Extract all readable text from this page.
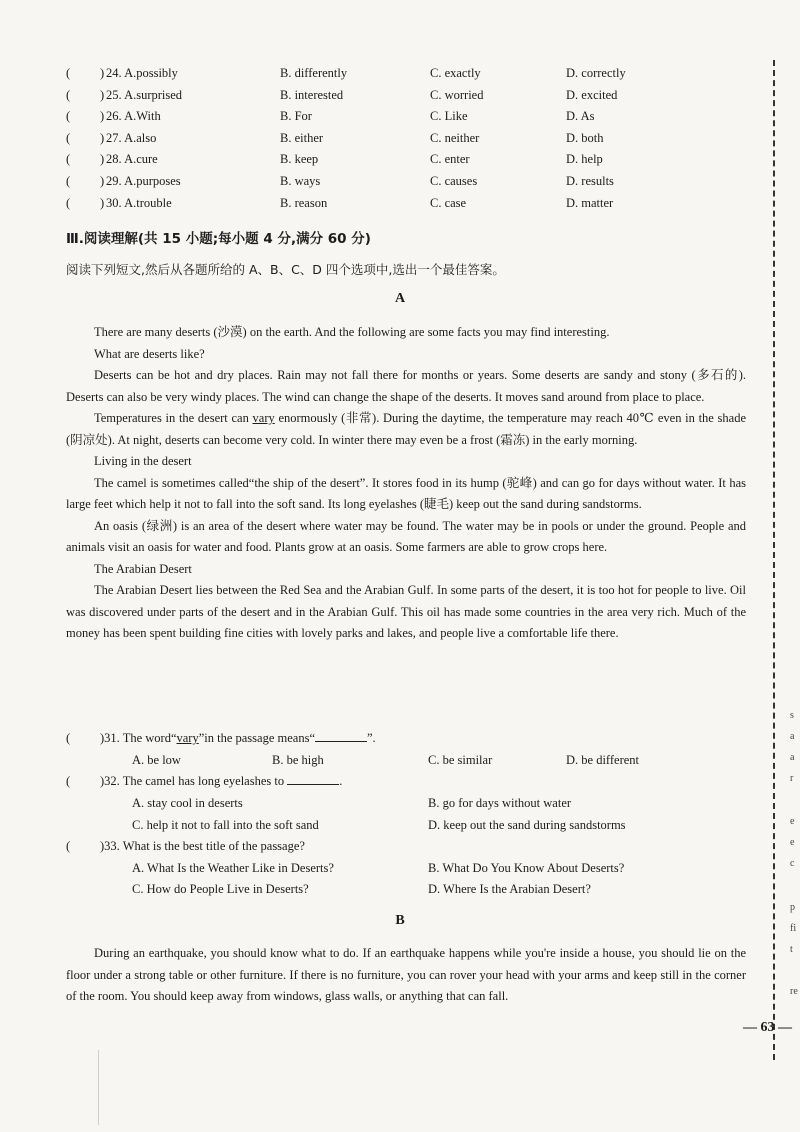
( ) 24. A.possibly	B. differently	C. exactly	D. correctly
( ) 25. A.surprised	B. interested	C. worried	D. excited
( ) 26. A.With	B. For	C. Like	D. As
( ) 27. A.also	B. either	C. neither	D. both
( ) 28. A.cure	B. keep	C. enter	D. help
( ) 29. A.purposes	B. ways	C. causes	D. results
( ) 30. A.trouble	B. reason	C. case	D. matter
Ⅲ.阅读理解(共 15 小题;每小题 4 分,满分 60 分)
阅读下列短文,然后从各题所给的 A、B、C、D 四个选项中,选出一个最佳答案。
A

There are many deserts (沙漠) on the earth. And the following are some facts you may find interesting.

What are deserts like?

Deserts can be hot and dry places. Rain may not fall there for months or years. Some deserts are sandy and stony (多石的). Deserts can also be very windy places. The wind can change the shape of the deserts. It moves sand around from place to place.

Temperatures in the desert can vary enormously (非常). During the daytime, the temperature may reach 40℃ even in the shade (阴凉处). At night, deserts can become very cold. In winter there may even be a frost (霜冻) in the early morning.

Living in the desert

The camel is sometimes called“the ship of the desert”. It stores food in its hump (驼峰) and can go for days without water. It has large feet which help it not to fall into the soft sand. Its long eyelashes (睫毛) keep out the sand during sandstorms.

An oasis (绿洲) is an area of the desert where water may be found. The water may be in pools or under the ground. People and animals visit an oasis for water and food. Plants grow at an oasis. Some farmers are able to grow crops here.

The Arabian Desert

The Arabian Desert lies between the Red Sea and the Arabian Gulf. In some parts of the desert, it is too hot for people to live. Oil was discovered under parts of the desert and in the Arabian Gulf. This oil has made some countries in the area very rich. Much of the money has been spent building fine cities with lovely parks and lakes, and people live a comfortable life there.

( )31. The word“vary”in the passage means“	”.
A. be low	B. be high	C. be similar	D. be different
( )32. The camel has long eyelashes to	.
A. stay cool in deserts	B. go for days without water
C. help it not to fall into the soft sand	D. keep out the sand during sandstorms
( )33. What is the best title of the passage?
A. What Is the Weather Like in Deserts?	B. What Do You Know About Deserts?
C. How do People Live in Deserts?	D. Where Is the Arabian Desert?
B

During an earthquake, you should know what to do. If an earthquake happens while you're inside a house, you should lie on the floor under a strong table or other furniture. If there is no furniture, you can rover your head with your arms and keep still in the corner of the room. You should keep away from windows, glass walls, or anything that can fall.

— 63 —
s
a
a
r
e
e
c
p
fi
t
re
